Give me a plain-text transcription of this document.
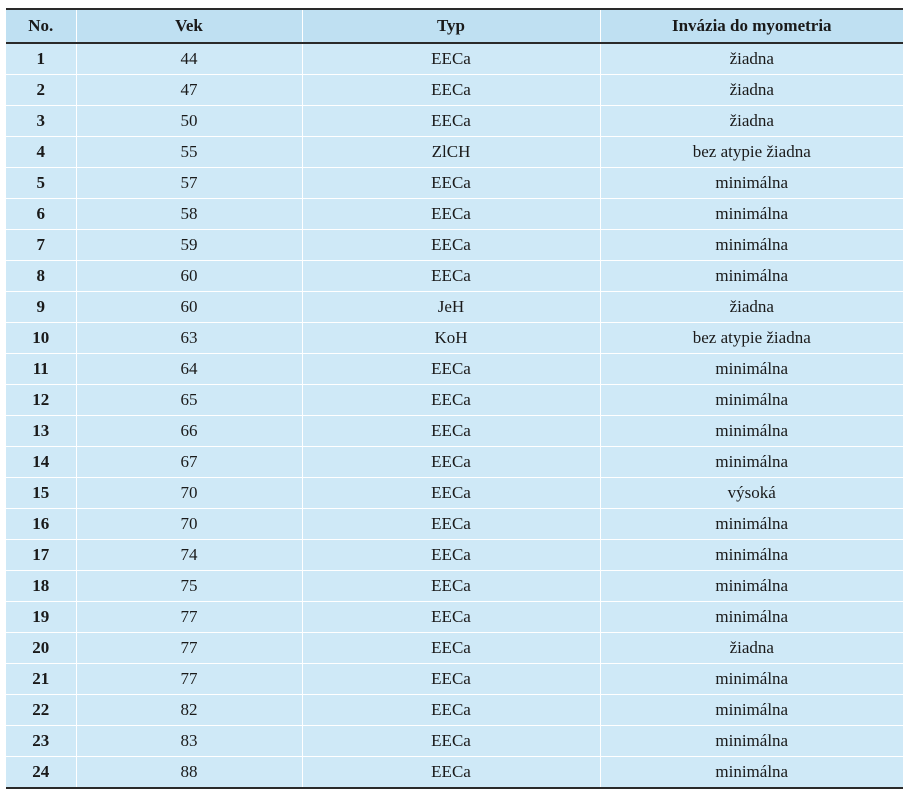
No.	Vek	Typ	Invázia do myometria
1	44	EECa	žiadna
2	47	EECa	žiadna
3	50	EECa	žiadna
4	55	ZlCH	bez atypie žiadna
5	57	EECa	minimálna
6	58	EECa	minimálna
7	59	EECa	minimálna
8	60	EECa	minimálna
9	60	JeH	žiadna
10	63	KoH	bez atypie žiadna
11	64	EECa	minimálna
12	65	EECa	minimálna
13	66	EECa	minimálna
14	67	EECa	minimálna
15	70	EECa	výsoká
16	70	EECa	minimálna
17	74	EECa	minimálna
18	75	EECa	minimálna
19	77	EECa	minimálna
20	77	EECa	žiadna
21	77	EECa	minimálna
22	82	EECa	minimálna
23	83	EECa	minimálna
24	88	EECa	minimálna
